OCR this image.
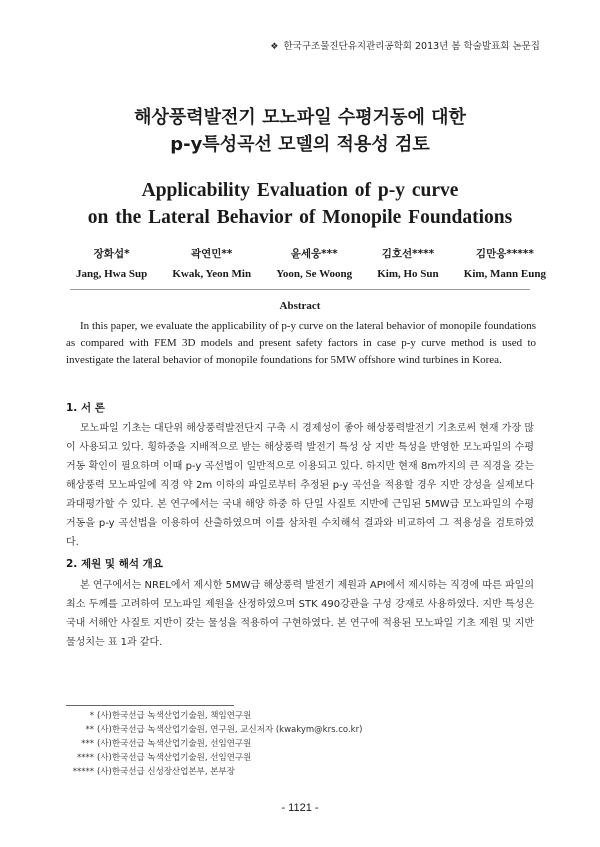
❖ 한국구조물진단유지관리공학회 2013년 봄 학술발표회 논문집
해상풍력발전기 모노파일 수평거동에 대한
p-y특성곡선 모델의 적용성 검토
Applicability Evaluation of p-y curve
on the Lateral Behavior of Monopile Foundations
장화섭*
Jang, Hwa Sup
곽연민**
Kwak, Yeon Min
윤세웅***
Yoon, Se Woong
김호선****
Kim, Ho Sun
김만응*****
Kim, Mann Eung
Abstract
In this paper, we evaluate the applicability of p-y curve on the lateral behavior of monopile foundations as compared with FEM 3D models and present safety factors in case p-y curve method is used to investigate the lateral behavior of monopile foundations for 5MW offshore wind turbines in Korea.
1. 서 론
모노파일 기초는 대단위 해상풍력발전단지 구축 시 경제성이 좋아 해상풍력발전기 기초로써 현재 가장 많이 사용되고 있다. 횡하중을 지배적으로 받는 해상풍력 발전기 특성 상 지반 특성을 반영한 모노파일의 수평거동 확인이 필요하며 이때 p-y 곡선법이 일반적으로 이용되고 있다. 하지만 현재 8m까지의 큰 직경을 갖는 해상풍력 모노파일에 직경 약 2m 이하의 파일로부터 추정된 p-y 곡선을 적용할 경우 지반 강성을 실제보다 과대평가할 수 있다. 본 연구에서는 국내 해양 하중 하 단일 사질토 지반에 근입된 5MW급 모노파일의 수평거동을 p-y 곡선법을 이용하여 산출하였으며 이를 삼차원 수치해석 결과와 비교하여 그 적용성을 검토하였다.
2. 제원 및 해석 개요
본 연구에서는 NREL에서 제시한 5MW급 해상풍력 발전기 제원과 API에서 제시하는 직경에 따른 파일의 최소 두께를 고려하여 모노파일 제원을 산정하였으며 STK 490강관을 구성 강재로 사용하였다. 지반 특성은 국내 서해안 사질토 지반이 갖는 물성을 적용하여 구현하였다. 본 연구에 적용된 모노파일 기초 제원 및 지반 물성치는 표 1과 같다.
* (사)한국선급 녹색산업기술원, 책임연구원
** (사)한국선급 녹색산업기술원, 연구원, 교신저자 (kwakym@krs.co.kr)
*** (사)한국선급 녹색산업기술원, 선임연구원
**** (사)한국선급 녹색산업기술원, 선임연구원
***** (사)한국선급 신성장산업본부, 본부장
- 1121 -
